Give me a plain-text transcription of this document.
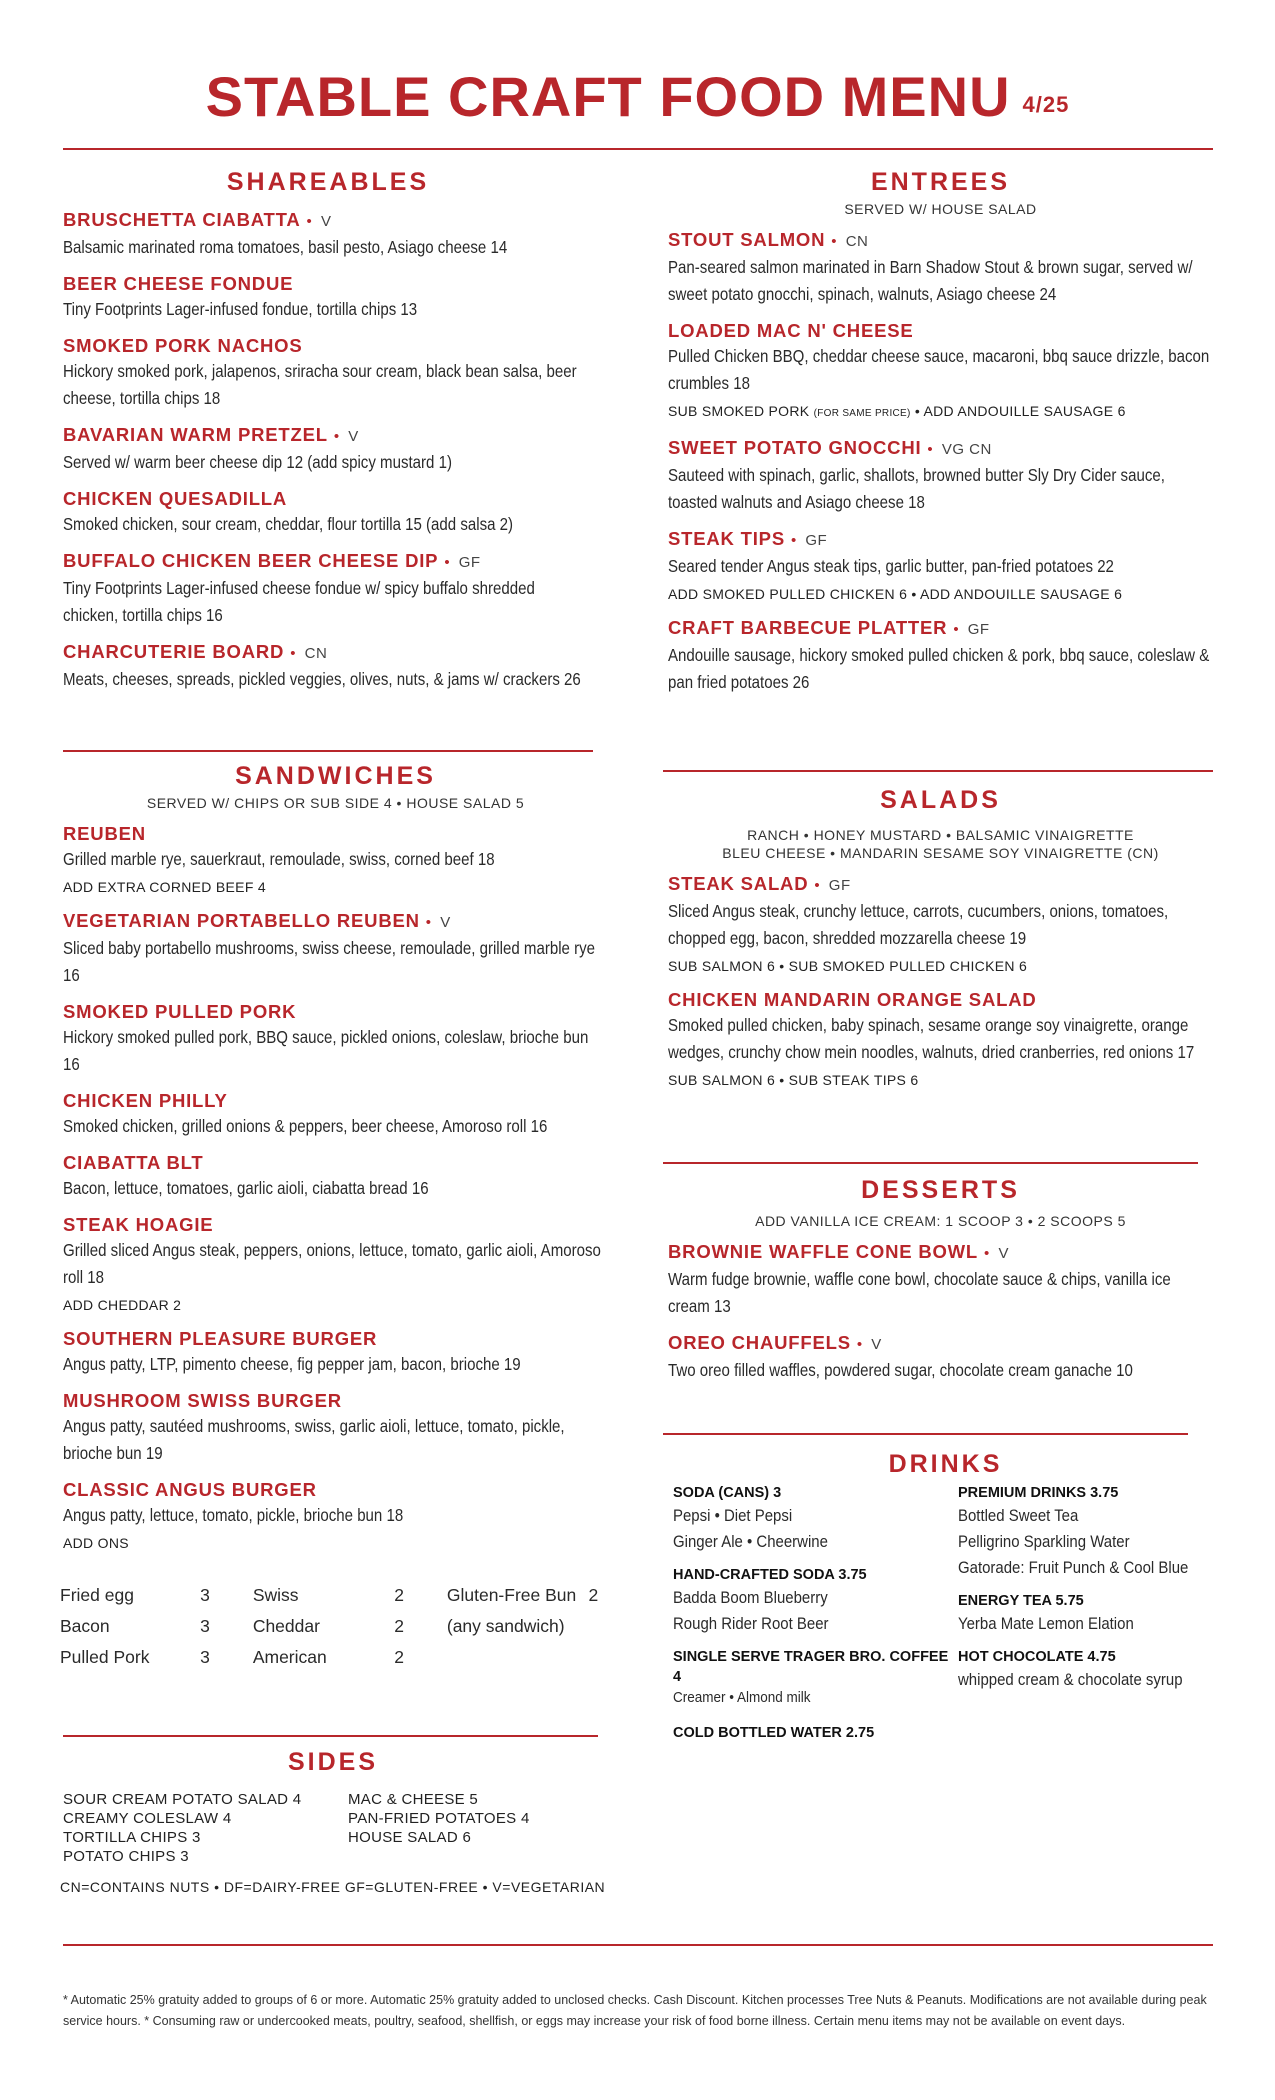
STABLE CRAFT FOOD MENU 4/25
SHAREABLES
BRUSCHETTA CIABATTA • V
Balsamic marinated roma tomatoes, basil pesto, Asiago cheese 14
BEER CHEESE FONDUE
Tiny Footprints Lager-infused fondue, tortilla chips 13
SMOKED PORK NACHOS
Hickory smoked pork, jalapenos, sriracha sour cream, black bean salsa, beer cheese, tortilla chips 18
BAVARIAN WARM PRETZEL • V
Served w/ warm beer cheese dip 12 (add spicy mustard 1)
CHICKEN QUESADILLA
Smoked chicken, sour cream, cheddar, flour tortilla 15 (add salsa 2)
BUFFALO CHICKEN BEER CHEESE DIP • GF
Tiny Footprints Lager-infused cheese fondue w/ spicy buffalo shredded chicken, tortilla chips 16
CHARCUTERIE BOARD • CN
Meats, cheeses, spreads, pickled veggies, olives, nuts, & jams w/ crackers 26
SANDWICHES
SERVED W/ CHIPS OR SUB SIDE 4 • HOUSE SALAD 5
REUBEN
Grilled marble rye, sauerkraut, remoulade, swiss, corned beef 18
ADD EXTRA CORNED BEEF 4
VEGETARIAN PORTABELLO REUBEN • V
Sliced baby portabello mushrooms, swiss cheese, remoulade, grilled marble rye 16
SMOKED PULLED PORK
Hickory smoked pulled pork, BBQ sauce, pickled onions, coleslaw, brioche bun 16
CHICKEN PHILLY
Smoked chicken, grilled onions & peppers, beer cheese, Amoroso roll 16
CIABATTA BLT
Bacon, lettuce, tomatoes, garlic aioli, ciabatta bread 16
STEAK HOAGIE
Grilled sliced Angus steak, peppers, onions, lettuce, tomato, garlic aioli, Amoroso roll 18
ADD CHEDDAR 2
SOUTHERN PLEASURE BURGER
Angus patty, LTP, pimento cheese, fig pepper jam, bacon, brioche 19
MUSHROOM SWISS BURGER
Angus patty, sautéed mushrooms, swiss, garlic aioli, lettuce, tomato, pickle, brioche bun 19
CLASSIC ANGUS BURGER
Angus patty, lettuce, tomato, pickle, brioche bun 18
ADD ONS
Fried egg	3	Swiss	2	Gluten-Free Bun	2
Bacon	3	Cheddar	2	(any sandwich)	
Pulled Pork	3	American	2		
SIDES
SOUR CREAM POTATO SALAD 4	MAC & CHEESE 5
CREAMY COLESLAW 4	PAN-FRIED POTATOES 4
TORTILLA CHIPS 3	HOUSE SALAD 6
POTATO CHIPS 3
CN=CONTAINS NUTS • DF=DAIRY-FREE GF=GLUTEN-FREE • V=VEGETARIAN
ENTREES
SERVED W/ HOUSE SALAD
STOUT SALMON • CN
Pan-seared salmon marinated in Barn Shadow Stout & brown sugar, served w/ sweet potato gnocchi, spinach, walnuts, Asiago cheese 24
LOADED MAC N' CHEESE
Pulled Chicken BBQ, cheddar cheese sauce, macaroni, bbq sauce drizzle, bacon crumbles 18
SUB SMOKED PORK (FOR SAME PRICE) • ADD ANDOUILLE SAUSAGE 6
SWEET POTATO GNOCCHI • VG CN
Sauteed with spinach, garlic, shallots, browned butter Sly Dry Cider sauce, toasted walnuts and Asiago cheese 18
STEAK TIPS • GF
Seared tender Angus steak tips, garlic butter, pan-fried potatoes 22
ADD SMOKED PULLED CHICKEN 6 • ADD ANDOUILLE SAUSAGE 6
CRAFT BARBECUE PLATTER • GF
Andouille sausage, hickory smoked pulled chicken & pork, bbq sauce, coleslaw & pan fried potatoes 26
SALADS
RANCH • HONEY MUSTARD • BALSAMIC VINAIGRETTE
BLEU CHEESE • MANDARIN SESAME SOY VINAIGRETTE (CN)
STEAK SALAD • GF
Sliced Angus steak, crunchy lettuce, carrots, cucumbers, onions, tomatoes, chopped egg, bacon, shredded mozzarella cheese 19
SUB SALMON 6 • SUB SMOKED PULLED CHICKEN 6
CHICKEN MANDARIN ORANGE SALAD
Smoked pulled chicken, baby spinach, sesame orange soy vinaigrette, orange wedges, crunchy chow mein noodles, walnuts, dried cranberries, red onions 17
SUB SALMON 6 • SUB STEAK TIPS 6
DESSERTS
ADD VANILLA ICE CREAM: 1 SCOOP 3 • 2 SCOOPS 5
BROWNIE WAFFLE CONE BOWL • V
Warm fudge brownie, waffle cone bowl, chocolate sauce & chips, vanilla ice cream 13
OREO CHAUFFELS • V
Two oreo filled waffles, powdered sugar, chocolate cream ganache 10
DRINKS
SODA (CANS) 3
Pepsi • Diet Pepsi
Ginger Ale • Cheerwine
HAND-CRAFTED SODA 3.75
Badda Boom Blueberry
Rough Rider Root Beer
SINGLE SERVE TRAGER BRO. COFFEE 4
Creamer • Almond milk
COLD BOTTLED WATER 2.75
PREMIUM DRINKS 3.75
Bottled Sweet Tea
Pelligrino Sparkling Water
Gatorade: Fruit Punch & Cool Blue
ENERGY TEA 5.75
Yerba Mate Lemon Elation
HOT CHOCOLATE 4.75
whipped cream & chocolate syrup
* Automatic 25% gratuity added to groups of 6 or more. Automatic 25% gratuity added to unclosed checks. Cash Discount. Kitchen processes Tree Nuts & Peanuts. Modifications are not available during peak service hours. * Consuming raw or undercooked meats, poultry, seafood, shellfish, or eggs may increase your risk of food borne illness. Certain menu items may not be available on event days.
